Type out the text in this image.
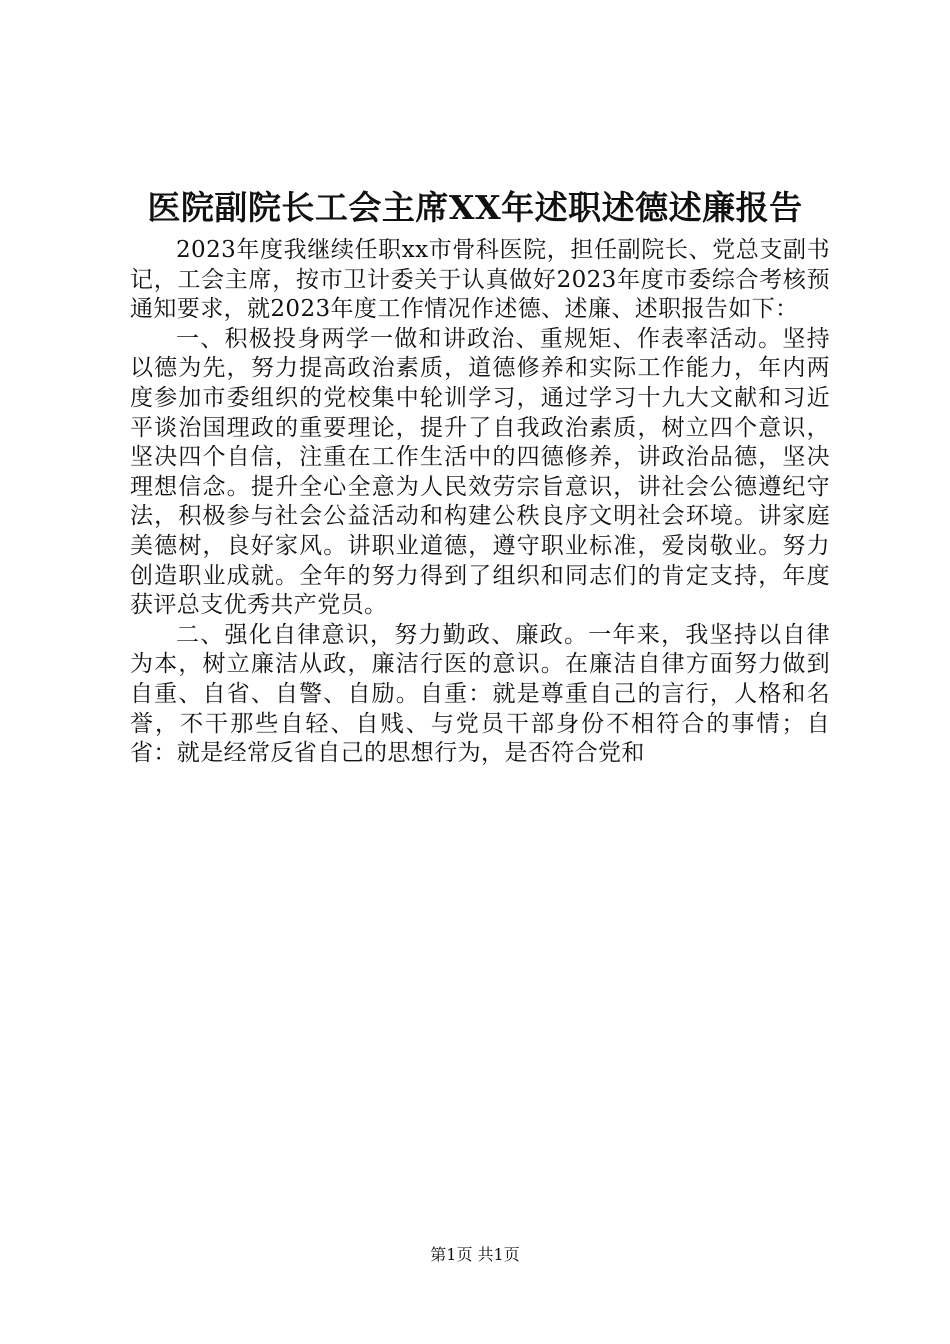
医院副院长工会主席XX年述职述德述廉报告

2023年度我继续任职xx市骨科医院，担任副院长、党总支副书记，工会主席，按市卫计委关于认真做好2023年度市委综合考核预通知要求，就2023年度工作情况作述德、述廉、述职报告如下：

一、积极投身两学一做和讲政治、重规矩、作表率活动。坚持以德为先，努力提高政治素质，道德修养和实际工作能力，年内两度参加市委组织的党校集中轮训学习，通过学习十九大文献和习近平谈治国理政的重要理论，提升了自我政治素质，树立四个意识，坚决四个自信，注重在工作生活中的四德修养，讲政治品德，坚决理想信念。提升全心全意为人民效劳宗旨意识，讲社会公德遵纪守法，积极参与社会公益活动和构建公秩良序文明社会环境。讲家庭美德树，良好家风。讲职业道德，遵守职业标准，爱岗敬业。努力创造职业成就。全年的努力得到了组织和同志们的肯定支持，年度获评总支优秀共产党员。

二、强化自律意识，努力勤政、廉政。一年来，我坚持以自律为本，树立廉洁从政，廉洁行医的意识。在廉洁自律方面努力做到自重、自省、自警、自励。自重：就是尊重自己的言行，人格和名誉，不干那些自轻、自贱、与党员干部身份不相符合的事情；自省：就是经常反省自己的思想行为，是否符合党和

第1页 共1页
